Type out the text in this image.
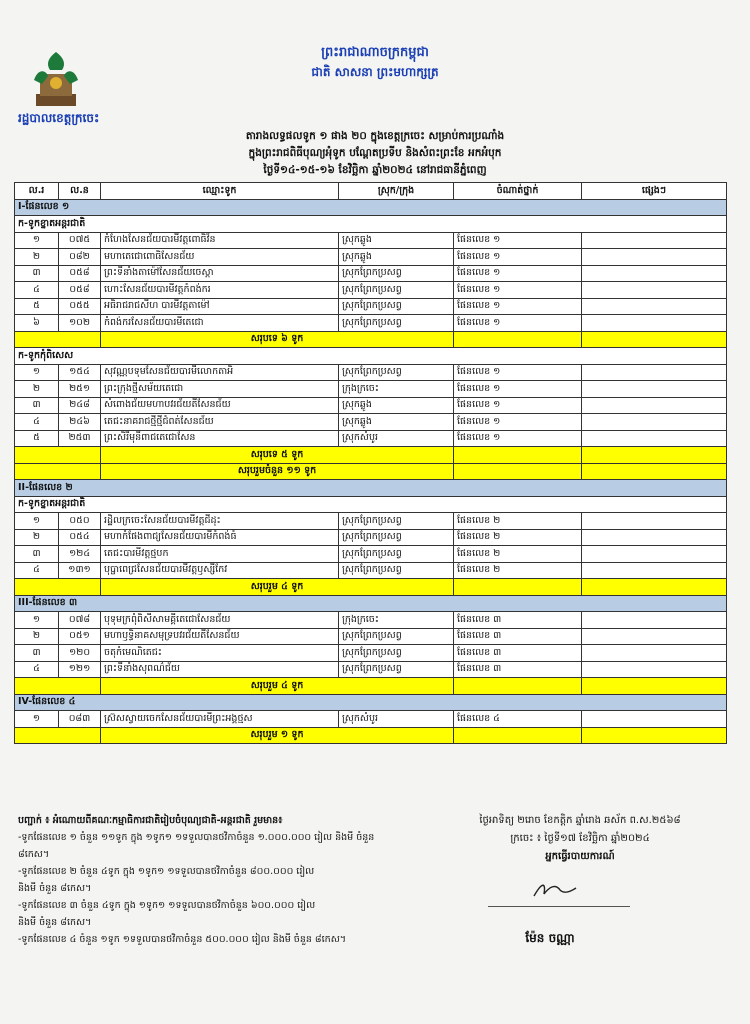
រដ្ឋបាលខេត្តក្រចេះ
ព្រះរាជាណាចក្រកម្ពុជា
ជាតិ សាសនា ព្រះមហាក្សត្រ
តារាងលទ្ធផលទូក ១ ផាង ២០ ក្នុងខេត្តក្រចេះ សម្រាប់ការប្រណាំង
ក្នុងព្រះរាជពិធីបុណ្យអុំទូក បណ្តែតប្រទីប និងសំពះព្រះខែ អកអំបុក
ថ្ងៃទី១៤-១៥-១៦ ខែវិច្ឆិកា ឆ្នាំ២០២៤ នៅរាជធានីភ្នំពេញ
ល.រ	ល.ន	ឈ្មោះទូក	ស្រុក/ក្រុង	ចំណាត់ថ្នាក់	ផ្សេងៗ
I-ផែនលេខ ១					
ក-ទូកខ្នាតអន្តរជាតិ					
១	០៧៥	កំហែងសែនជ័យបារមីវត្តពោធិវ័ន	ស្រុកឆ្លូង	ផែនលេខ ១	
២	០៨២	មហាតេជោពោធិសែនជ័យ	ស្រុកឆ្លូង	ផែនលេខ ១	
៣	០៥៨	ព្រះទីនាំងតាម៉ៅសែនជ័យចេស្តា	ស្រុកព្រែកប្រសព្វ	ផែនលេខ ១	
៤	០៥៨	ហោះសែនជ័យបារមីវត្តកំពង់ករ	ស្រុកព្រែកប្រសព្វ	ផែនលេខ ១	
៥	០៥៥	អធិរាជរាជសីហ បារមីវត្តតាម៉ៅ	ស្រុកព្រែកប្រសព្វ	ផែនលេខ ១	
៦	១០២	កំពង់ករសែនជ័យបារមីតេជោ	ស្រុកព្រែកប្រសព្វ	ផែនលេខ ១	
		សរុបទេ ៦ ទូក			
ក-ទូកកុំពិសេស					
១	១៥៤	សុវណ្ណបទុមសែនជ័យបារមីលោកតាអិ	ស្រុកព្រែកប្រសព្វ	ផែនលេខ ១	
២	២៥១	ព្រះក្រុងថ្មីសម័យតេជោ	ក្រុងក្រចេះ	ផែនលេខ ១	
៣	២៤៨	សំពោងជ័យមហាបវរជ័យតីសែនជ័យ	ស្រុកឆ្លូង	ផែនលេខ ១	
៤	២៤៦	តេជះនាគរាជថ្មីថ្មីជំពត់សែនជ័យ	ស្រុកឆ្លូង	ផែនលេខ ១	
៥	២៥៣	ព្រះសិរីមុនីពាជតេជោសែន	ស្រុកសំបូរ	ផែនលេខ ១	
		សរុបទេ ៥ ទូក			
		សរុបរួមចំនួន ១១ ទូក			
II-ផែនលេខ ២					
ក-ទូកខ្នាតអន្តរជាតិ					
១	០៥០	រដ្ឋិលក្រចេះសែនជ័យបារមីវត្តជីដុះ	ស្រុកព្រែកប្រសព្វ	ផែនលេខ ២	
២	០៥៤	មហាកំផែងពាជ្យសែនជ័យបារមីកំពង់ធំ	ស្រុកព្រែកប្រសព្វ	ផែនលេខ ២	
៣	១២៤	តេជះបារមីវត្តថ្មបក	ស្រុកព្រែកប្រសព្វ	ផែនលេខ ២	
៤	១៣១	បុប្ផាពេជ្រសែនជ័យបារមីវត្តឫស្សីកែវ	ស្រុកព្រែកប្រសព្វ	ផែនលេខ ២	
		សរុបរួម ៤ ទូក			
III-ផែនលេខ ៣					
១	០៧៨	បុទុមក្រពុំពិសីសាមគ្គីតេជោសែនជ័យ	ក្រុងក្រចេះ	ផែនលេខ ៣	
២	០៥១	មហាឫទ្ធិនាគសមុទ្របវរជ័យតីសែនជ័យ	ស្រុកព្រែកប្រសព្វ	ផែនលេខ ៣	
៣	១២០	ចតុកំមេណិតេជះ	ស្រុកព្រែកប្រសព្វ	ផែនលេខ ៣	
៤	១២១	ព្រះទីនាំងសុពណ៌ជ័យ	ស្រុកព្រែកប្រសព្វ	ផែនលេខ ៣	
		សរុបរួម ៤ ទូក			
IV-ផែនលេខ ៤					
១	០៨៣	ស្រ៊សស្វាយចេកសែនជ័យបារមីព្រះអង្គថ្មស	ស្រុកសំបូរ	ផែនលេខ ៤	
		សរុបរួម ១ ទូក			
បញ្ជាក់ ៖ អំណោយពីគណៈកម្មាធិការជាតិរៀបចំបុណ្យជាតិ-អន្តរជាតិ រួមមាន៖
-ទូកផែនលេខ ១ ចំនួន ១១ទូក ក្នុង ១ទូក១ ១ទទួលបានថវិកាចំនួន ១.០០០.០០០ រៀល និងមី ចំនួន
៨កេស។
-ទូកផែនលេខ ២ ចំនួន ៤ទូក ក្នុង ១ទូក១ ១ទទួលបានថវិកាចំនួន ៨០០.០០០ រៀល
និងមី ចំនួន ៨កេស។
-ទូកផែនលេខ ៣ ចំនួន ៤ទូក ក្នុង ១ទូក១ ១ទទួលបានថវិកាចំនួន ៦០០.០០០ រៀល
និងមី ចំនួន ៨កេស។
-ទូកផែនលេខ ៤ ចំនួន ១ទូក ១ទទួលបានថវិកាចំនួន ៥០០.០០០ រៀល និងមី ចំនួន ៨កេស។
ថ្ងៃអាទិត្យ ២រោច ខែកត្តិក ឆ្នាំរោង ឆស័ក ព.ស.២៥៦៨
ក្រចេះ ៖ ថ្ងៃទី១៧ ខែវិច្ឆិកា ឆ្នាំ២០២៤
អ្នកធ្វើរបាយការណ៍
ម៉ែន ចណ្ណា
